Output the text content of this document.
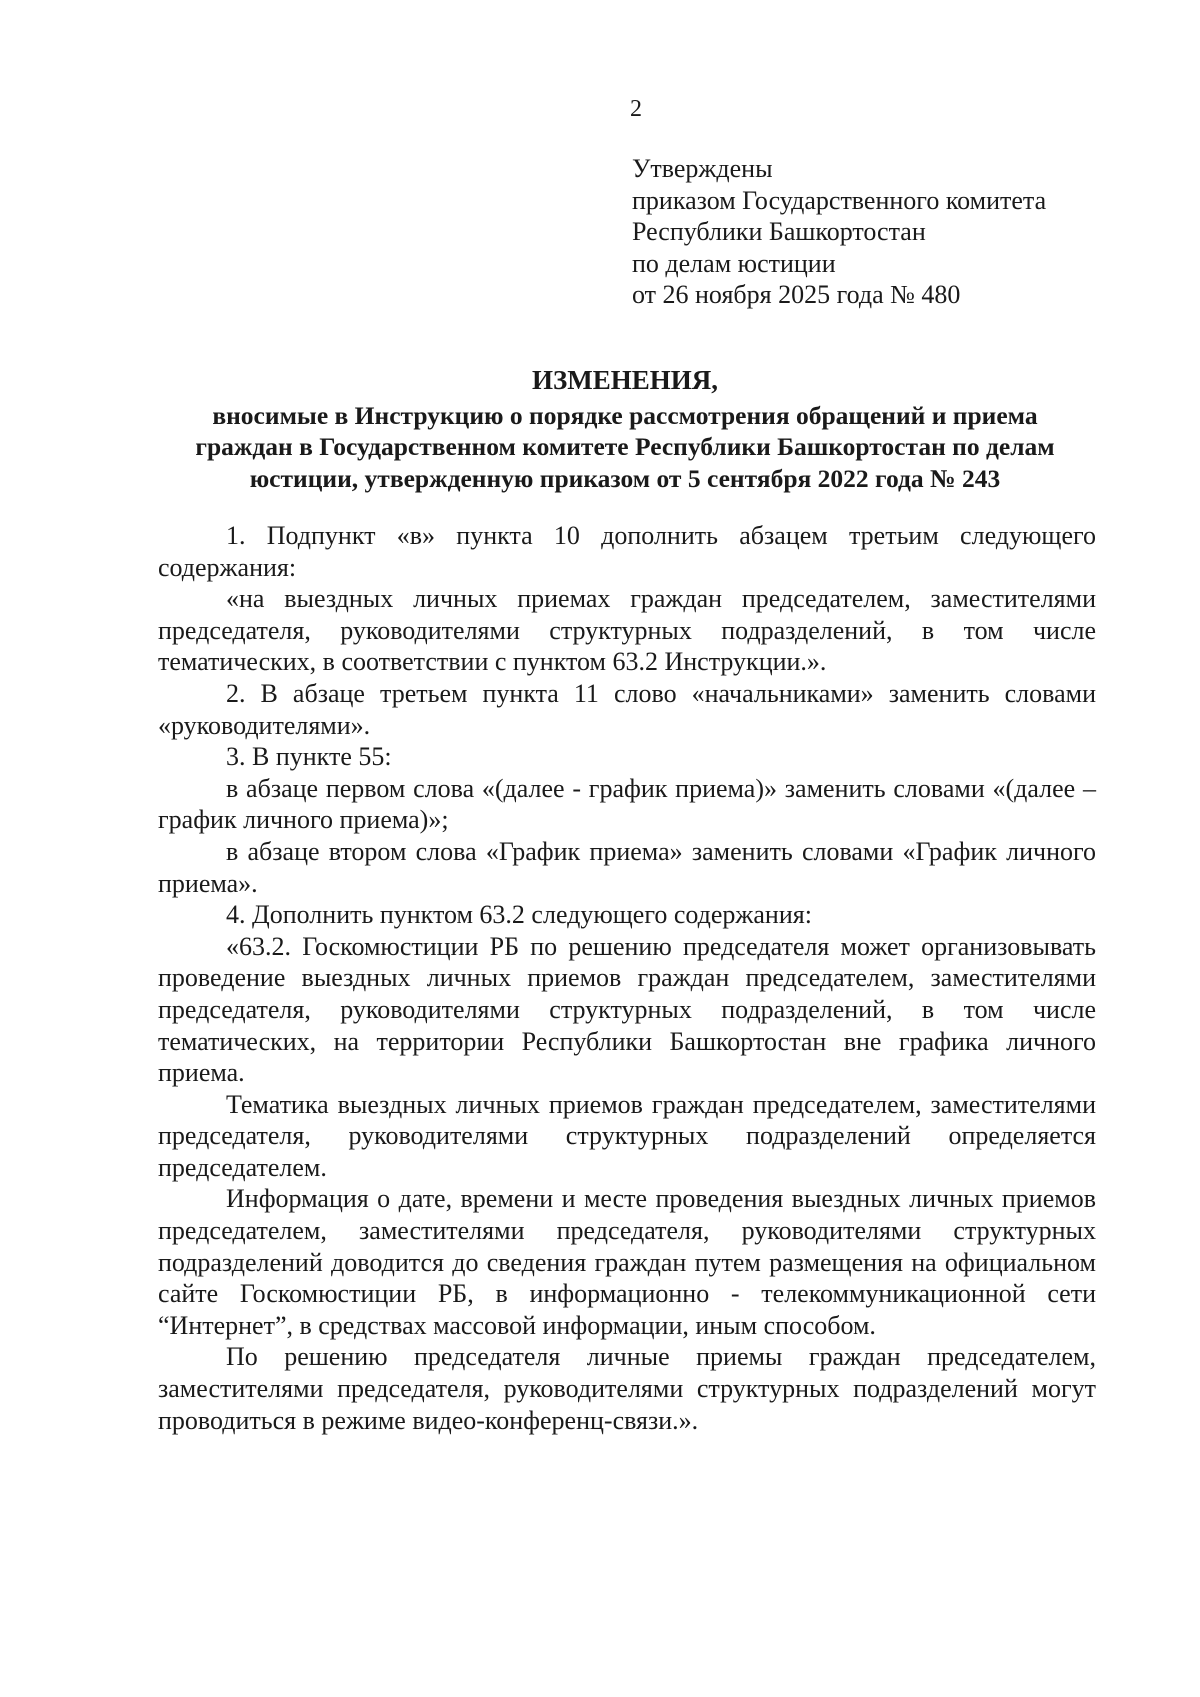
2
Утверждены
приказом Государственного комитета
Республики Башкортостан
по делам юстиции
от 26 ноября 2025 года № 480
ИЗМЕНЕНИЯ,
вносимые в Инструкцию о порядке рассмотрения обращений и приема
граждан в Государственном комитете Республики Башкортостан по делам
юстиции, утвержденную приказом от 5 сентября 2022 года № 243

1. Подпункт «в» пункта 10 дополнить абзацем третьим следующего содержания:

«на выездных личных приемах граждан председателем, заместителями председателя, руководителями структурных подразделений, в том числе тематических, в соответствии с пунктом 63.2 Инструкции.».

2. В абзаце третьем пункта 11 слово «начальниками» заменить словами «руководителями».

3. В пункте 55:

в абзаце первом слова «(далее - график приема)» заменить словами «(далее – график личного приема)»;

в абзаце втором слова «График приема» заменить словами «График личного приема».

4. Дополнить пунктом 63.2 следующего содержания:

«63.2. Госкомюстиции РБ по решению председателя может организовывать проведение выездных личных приемов граждан председателем, заместителями председателя, руководителями структурных подразделений, в том числе тематических, на территории Республики Башкортостан вне графика личного приема.

Тематика выездных личных приемов граждан председателем, заместителями председателя, руководителями структурных подразделений определяется председателем.

Информация о дате, времени и месте проведения выездных личных приемов председателем, заместителями председателя, руководителями структурных подразделений доводится до сведения граждан путем размещения на официальном сайте Госкомюстиции РБ, в информационно - телекоммуникационной сети “Интернет”, в средствах массовой информации, иным способом.

По решению председателя личные приемы граждан председателем, заместителями председателя, руководителями структурных подразделений могут проводиться в режиме видео-конференц-связи.».
